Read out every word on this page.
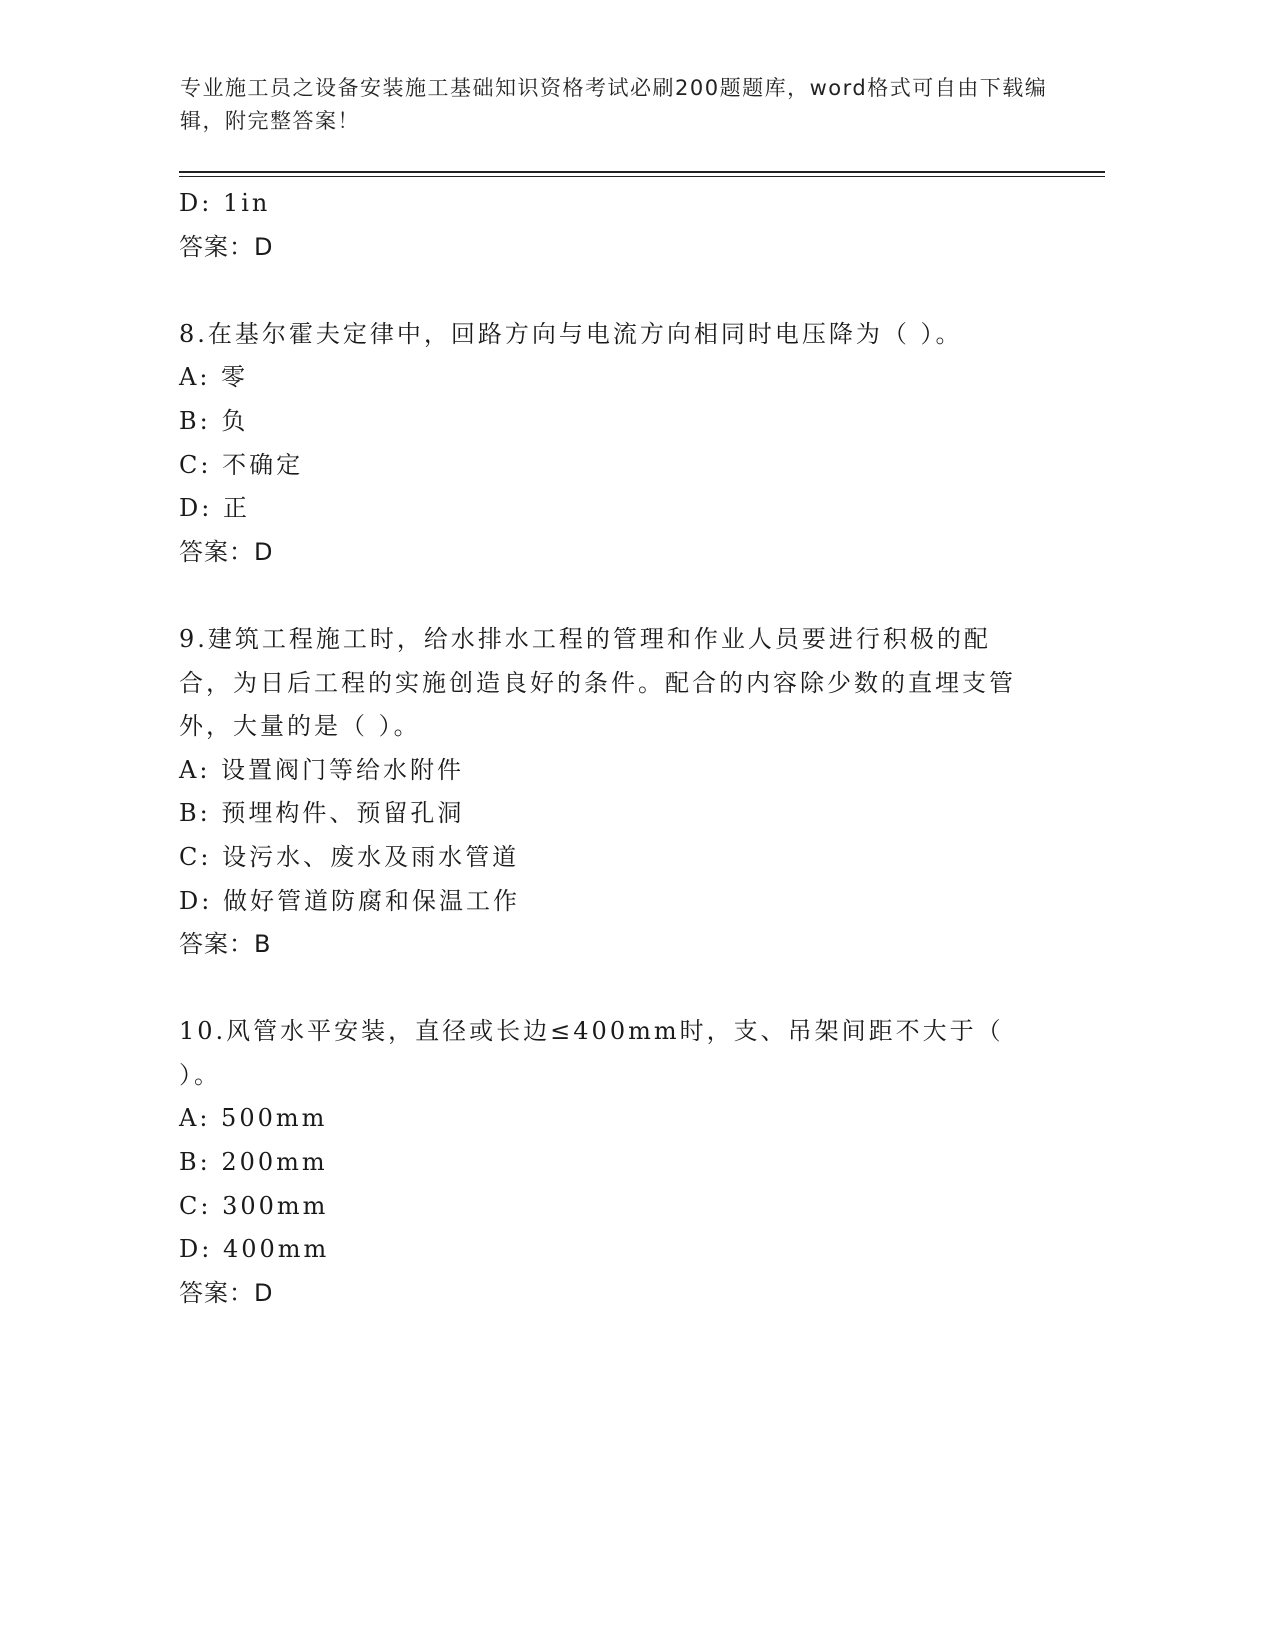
专业施工员之设备安装施工基础知识资格考试必刷200题题库，word格式可自由下载编辑，附完整答案！
D: 1in
答案：D
8.在基尔霍夫定律中，回路方向与电流方向相同时电压降为（ ）。
A: 零
B: 负
C: 不确定
D: 正
答案：D
9.建筑工程施工时，给水排水工程的管理和作业人员要进行积极的配合，为日后工程的实施创造良好的条件。配合的内容除少数的直埋支管外，大量的是（ ）。
A: 设置阀门等给水附件
B: 预埋构件、预留孔洞
C: 设污水、废水及雨水管道
D: 做好管道防腐和保温工作
答案：B
10.风管水平安装，直径或长边≤400mm时，支、吊架间距不大于（ ）。
A: 500mm
B: 200mm
C: 300mm
D: 400mm
答案：D
